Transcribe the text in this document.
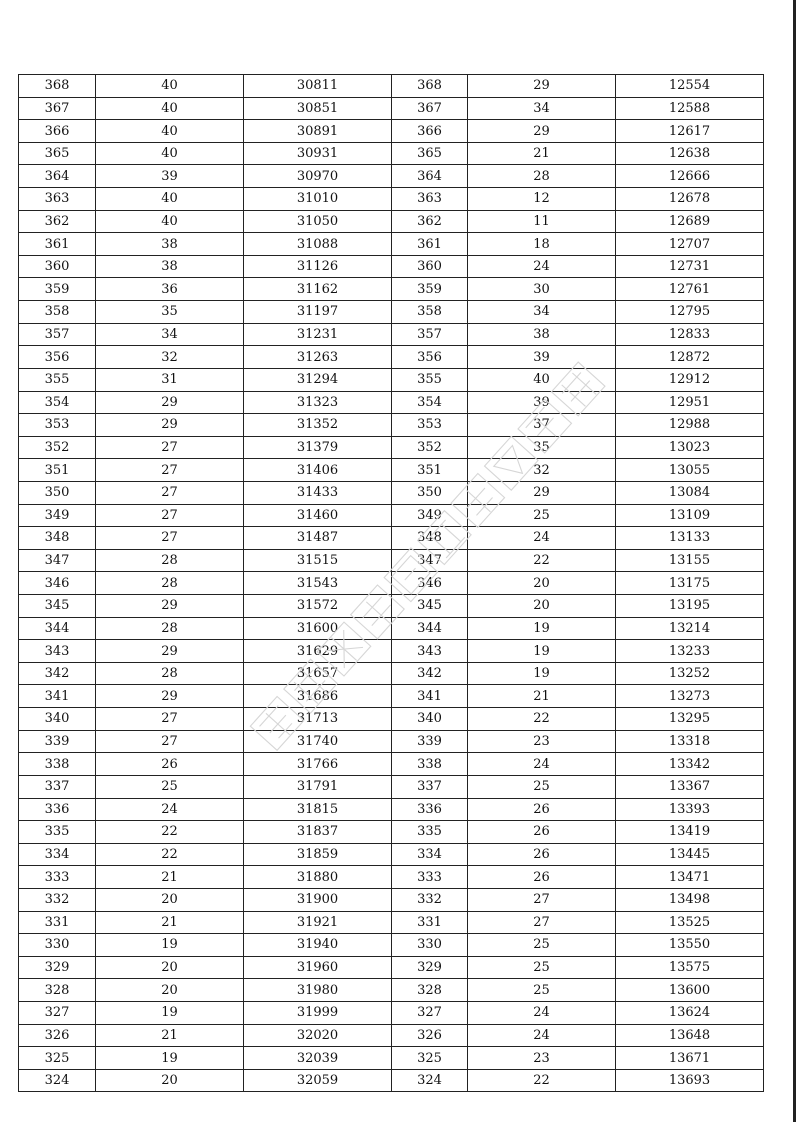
368	40	30811	368	29	12554
367	40	30851	367	34	12588
366	40	30891	366	29	12617
365	40	30931	365	21	12638
364	39	30970	364	28	12666
363	40	31010	363	12	12678
362	40	31050	362	11	12689
361	38	31088	361	18	12707
360	38	31126	360	24	12731
359	36	31162	359	30	12761
358	35	31197	358	34	12795
357	34	31231	357	38	12833
356	32	31263	356	39	12872
355	31	31294	355	40	12912
354	29	31323	354	39	12951
353	29	31352	353	37	12988
352	27	31379	352	35	13023
351	27	31406	351	32	13055
350	27	31433	350	29	13084
349	27	31460	349	25	13109
348	27	31487	348	24	13133
347	28	31515	347	22	13155
346	28	31543	346	20	13175
345	29	31572	345	20	13195
344	28	31600	344	19	13214
343	29	31629	343	19	13233
342	28	31657	342	19	13252
341	29	31686	341	21	13273
340	27	31713	340	22	13295
339	27	31740	339	23	13318
338	26	31766	338	24	13342
337	25	31791	337	25	13367
336	24	31815	336	26	13393
335	22	31837	335	26	13419
334	22	31859	334	26	13445
333	21	31880	333	26	13471
332	20	31900	332	27	13498
331	21	31921	331	27	13525
330	19	31940	330	25	13550
329	20	31960	329	25	13575
328	20	31980	328	25	13600
327	19	31999	327	24	13624
326	21	32020	326	24	13648
325	19	32039	325	23	13671
324	20	32059	324	22	13693
